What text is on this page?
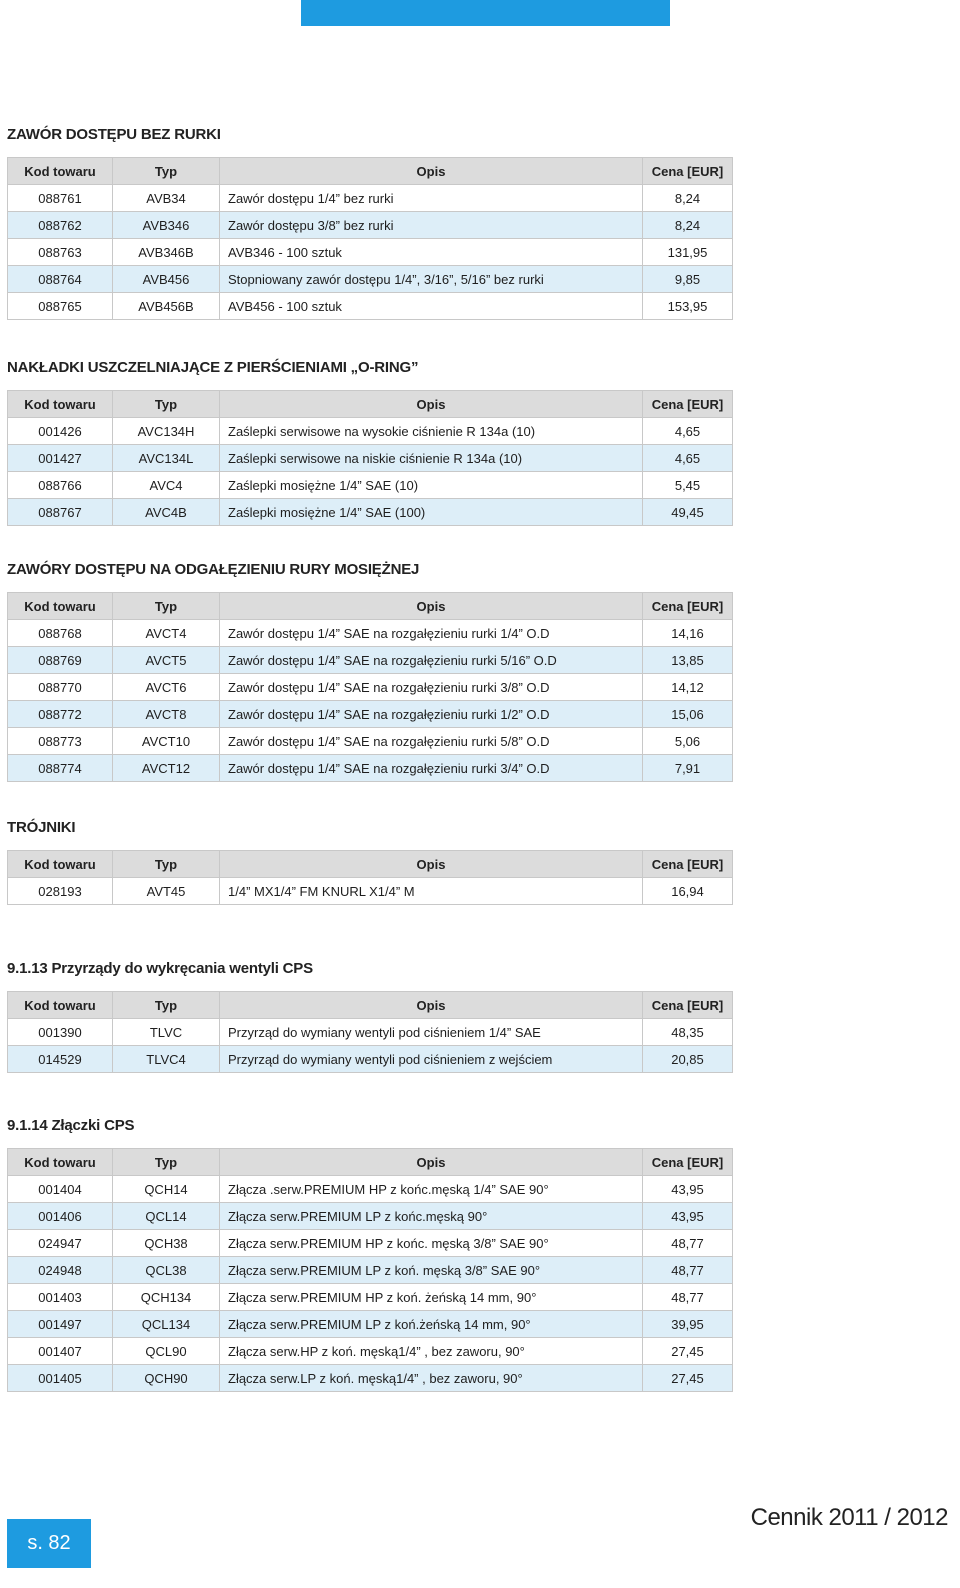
ZAWÓR DOSTĘPU BEZ RURKI
Kod towaru	Typ	Opis	Cena [EUR]
088761	AVB34	Zawór dostępu 1/4” bez rurki	8,24
088762	AVB346	Zawór dostępu 3/8” bez rurki	8,24
088763	AVB346B	AVB346 - 100 sztuk	131,95
088764	AVB456	Stopniowany zawór dostępu 1/4”, 3/16”, 5/16” bez rurki	9,85
088765	AVB456B	AVB456 - 100 sztuk	153,95
NAKŁADKI USZCZELNIAJĄCE Z PIERŚCIENIAMI „O-RING”
Kod towaru	Typ	Opis	Cena [EUR]
001426	AVC134H	Zaślepki serwisowe na wysokie ciśnienie R 134a (10)	4,65
001427	AVC134L	Zaślepki serwisowe na niskie ciśnienie R 134a (10)	4,65
088766	AVC4	Zaślepki mosiężne 1/4” SAE (10)	5,45
088767	AVC4B	Zaślepki mosiężne 1/4” SAE (100)	49,45
ZAWÓRY DOSTĘPU NA ODGAŁĘZIENIU RURY MOSIĘŻNEJ
Kod towaru	Typ	Opis	Cena [EUR]
088768	AVCT4	Zawór dostępu 1/4” SAE na rozgałęzieniu rurki 1/4” O.D	14,16
088769	AVCT5	Zawór dostępu 1/4” SAE na rozgałęzieniu rurki 5/16” O.D	13,85
088770	AVCT6	Zawór dostępu 1/4” SAE na rozgałęzieniu rurki 3/8” O.D	14,12
088772	AVCT8	Zawór dostępu 1/4” SAE na rozgałęzieniu rurki 1/2” O.D	15,06
088773	AVCT10	Zawór dostępu 1/4” SAE na rozgałęzieniu rurki 5/8” O.D	5,06
088774	AVCT12	Zawór dostępu 1/4” SAE na rozgałęzieniu rurki 3/4” O.D	7,91
TRÓJNIKI
Kod towaru	Typ	Opis	Cena [EUR]
028193	AVT45	1/4” MX1/4” FM KNURL X1/4” M	16,94
9.1.13 Przyrządy do wykręcania wentyli CPS
Kod towaru	Typ	Opis	Cena [EUR]
001390	TLVC	Przyrząd do wymiany wentyli pod ciśnieniem 1/4” SAE	48,35
014529	TLVC4	Przyrząd do wymiany wentyli pod ciśnieniem z wejściem	20,85
9.1.14 Złączki CPS
Kod towaru	Typ	Opis	Cena [EUR]
001404	QCH14	Złącza .serw.PREMIUM HP z końc.męską 1/4” SAE 90°	43,95
001406	QCL14	Złącza serw.PREMIUM LP z końc.męską 90°	43,95
024947	QCH38	Złącza serw.PREMIUM HP z końc. męską 3/8” SAE 90°	48,77
024948	QCL38	Złącza serw.PREMIUM LP z koń. męską 3/8” SAE 90°	48,77
001403	QCH134	Złącza serw.PREMIUM HP z koń. żeńską 14 mm, 90°	48,77
001497	QCL134	Złącza serw.PREMIUM LP z koń.żeńską 14 mm, 90°	39,95
001407	QCL90	Złącza serw.HP z koń. męską1/4” , bez zaworu, 90°	27,45
001405	QCH90	Złącza serw.LP z koń. męską1/4” , bez zaworu, 90°	27,45
s. 82
Cennik 2011 / 2012
